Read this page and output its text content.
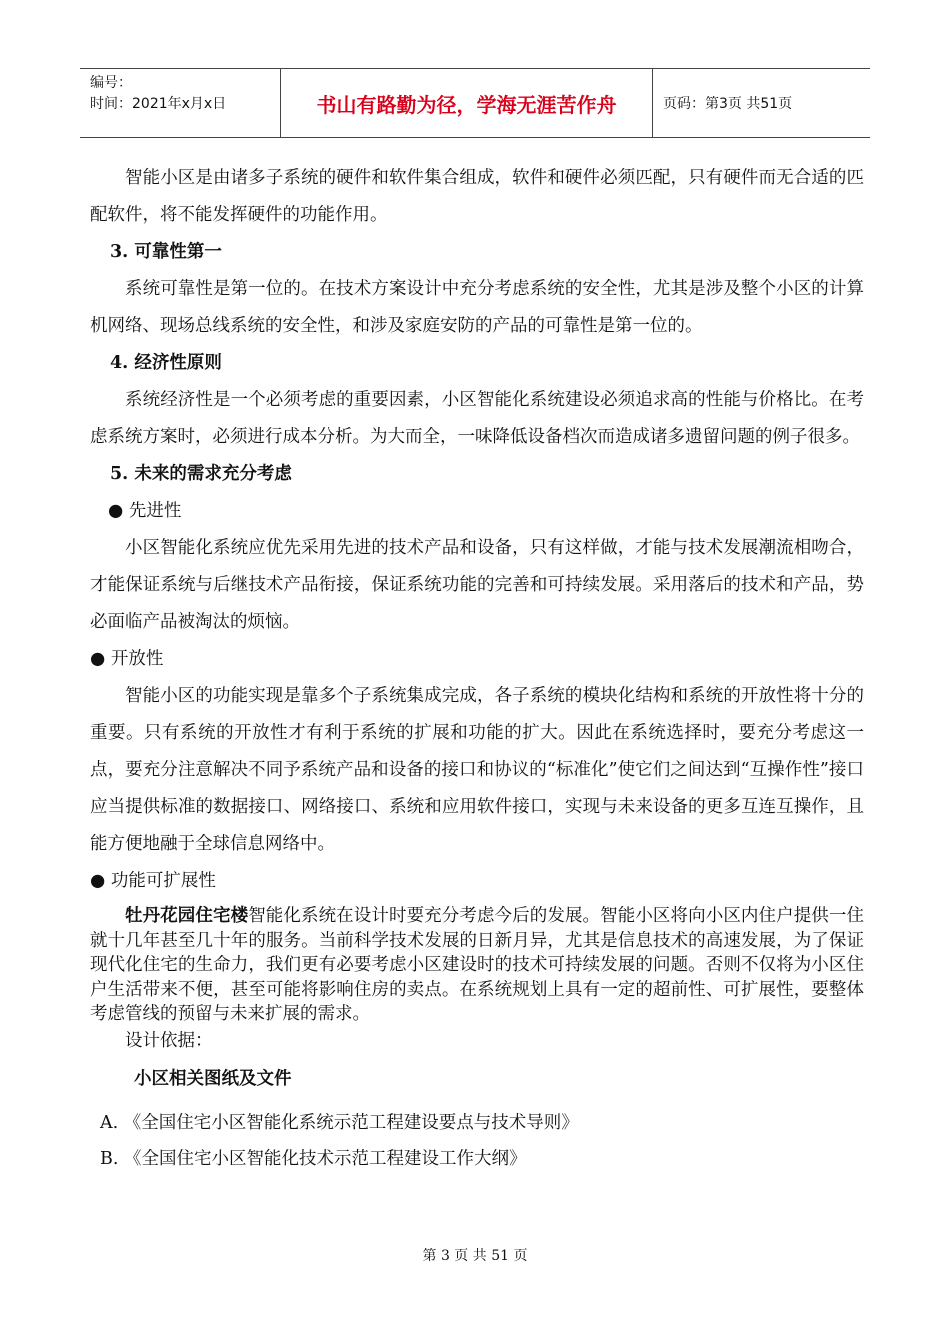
编号：
时间：2021年x月x日	书山有路勤为径，学海无涯苦作舟	页码：第3页 共51页

智能小区是由诸多子系统的硬件和软件集合组成，软件和硬件必须匹配，只有硬件而无合适的匹配软件，将不能发挥硬件的功能作用。

3. 可靠性第一

系统可靠性是第一位的。在技术方案设计中充分考虑系统的安全性，尤其是涉及整个小区的计算机网络、现场总线系统的安全性，和涉及家庭安防的产品的可靠性是第一位的。

4. 经济性原则

系统经济性是一个必须考虑的重要因素，小区智能化系统建设必须追求高的性能与价格比。在考虑系统方案时，必须进行成本分析。为大而全，一味降低设备档次而造成诸多遗留问题的例子很多。

5. 未来的需求充分考虑

● 先进性

小区智能化系统应优先采用先进的技术产品和设备，只有这样做，才能与技术发展潮流相吻合，才能保证系统与后继技术产品衔接，保证系统功能的完善和可持续发展。采用落后的技术和产品，势必面临产品被淘汰的烦恼。

● 开放性

智能小区的功能实现是靠多个子系统集成完成，各子系统的模块化结构和系统的开放性将十分的重要。只有系统的开放性才有利于系统的扩展和功能的扩大。因此在系统选择时，要充分考虑这一点，要充分注意解决不同予系统产品和设备的接口和协议的“标准化”使它们之间达到“互操作性”接口应当提供标准的数据接口、网络接口、系统和应用软件接口，实现与未来设备的更多互连互操作，且能方便地融于全球信息网络中。

● 功能可扩展性

牡丹花园住宅楼智能化系统在设计时要充分考虑今后的发展。智能小区将向小区内住户提供一住就十几年甚至几十年的服务。当前科学技术发展的日新月异，尤其是信息技术的高速发展，为了保证现代化住宅的生命力，我们更有必要考虑小区建设时的技术可持续发展的问题。否则不仅将为小区住户生活带来不便，甚至可能将影响住房的卖点。在系统规划上具有一定的超前性、可扩展性，要整体考虑管线的预留与未来扩展的需求。

设计依据：

小区相关图纸及文件

A. 《全国住宅小区智能化系统示范工程建设要点与技术导则》

B. 《全国住宅小区智能化技术示范工程建设工作大纲》

第 3 页 共 51 页
